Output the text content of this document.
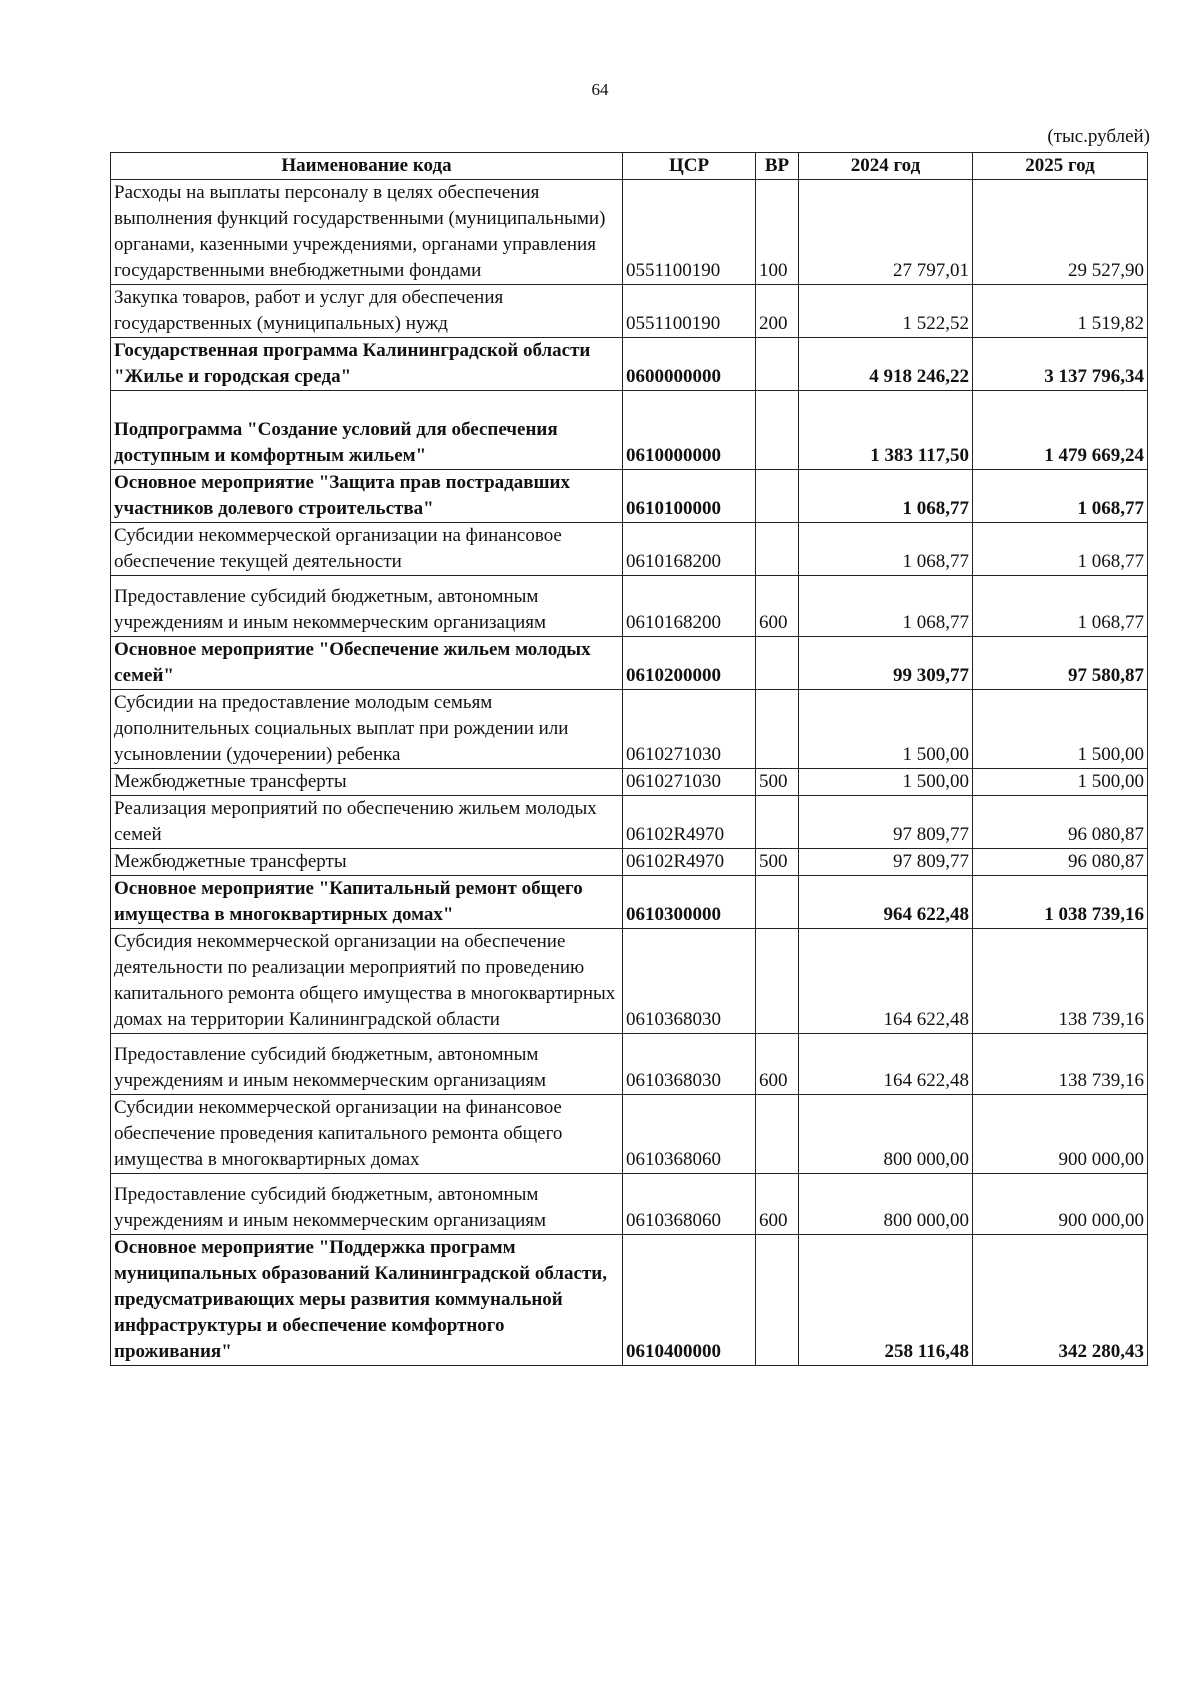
64
(тыс.рублей)
Наименование кода	ЦСР	ВР	2024 год	2025 год
Расходы на выплаты персоналу в целях обеспечения выполнения функций государственными (муниципальными) органами, казенными учреждениями, органами управления государственными внебюджетными фондами	0551100190	100	27 797,01	29 527,90
Закупка товаров, работ и услуг для обеспечения государственных (муниципальных) нужд	0551100190	200	1 522,52	1 519,82
Государственная программа Калининградской области "Жилье и городская среда"	0600000000		4 918 246,22	3 137 796,34
Подпрограмма "Создание условий для обеспечения доступным и комфортным жильем"	0610000000		1 383 117,50	1 479 669,24
Основное мероприятие "Защита прав пострадавших участников долевого строительства"	0610100000		1 068,77	1 068,77
Субсидии некоммерческой организации на финансовое обеспечение текущей деятельности	0610168200		1 068,77	1 068,77
Предоставление субсидий бюджетным, автономным учреждениям и иным некоммерческим организациям	0610168200	600	1 068,77	1 068,77
Основное мероприятие "Обеспечение жильем молодых семей"	0610200000		99 309,77	97 580,87
Субсидии на предоставление молодым семьям дополнительных социальных выплат при рождении или усыновлении (удочерении) ребенка	0610271030		1 500,00	1 500,00
Межбюджетные трансферты	0610271030	500	1 500,00	1 500,00
Реализация мероприятий по обеспечению жильем молодых семей	06102R4970		97 809,77	96 080,87
Межбюджетные трансферты	06102R4970	500	97 809,77	96 080,87
Основное мероприятие "Капитальный ремонт общего имущества в многоквартирных домах"	0610300000		964 622,48	1 038 739,16
Субсидия некоммерческой организации на обеспечение деятельности по реализации мероприятий по проведению капитального ремонта общего имущества в многоквартирных домах на территории Калининградской области	0610368030		164 622,48	138 739,16
Предоставление субсидий бюджетным, автономным учреждениям и иным некоммерческим организациям	0610368030	600	164 622,48	138 739,16
Субсидии некоммерческой организации на финансовое обеспечение проведения капитального ремонта общего имущества в многоквартирных домах	0610368060		800 000,00	900 000,00
Предоставление субсидий бюджетным, автономным учреждениям и иным некоммерческим организациям	0610368060	600	800 000,00	900 000,00
Основное мероприятие "Поддержка программ муниципальных образований Калининградской области, предусматривающих меры развития коммунальной инфраструктуры и обеспечение комфортного проживания"	0610400000		258 116,48	342 280,43
